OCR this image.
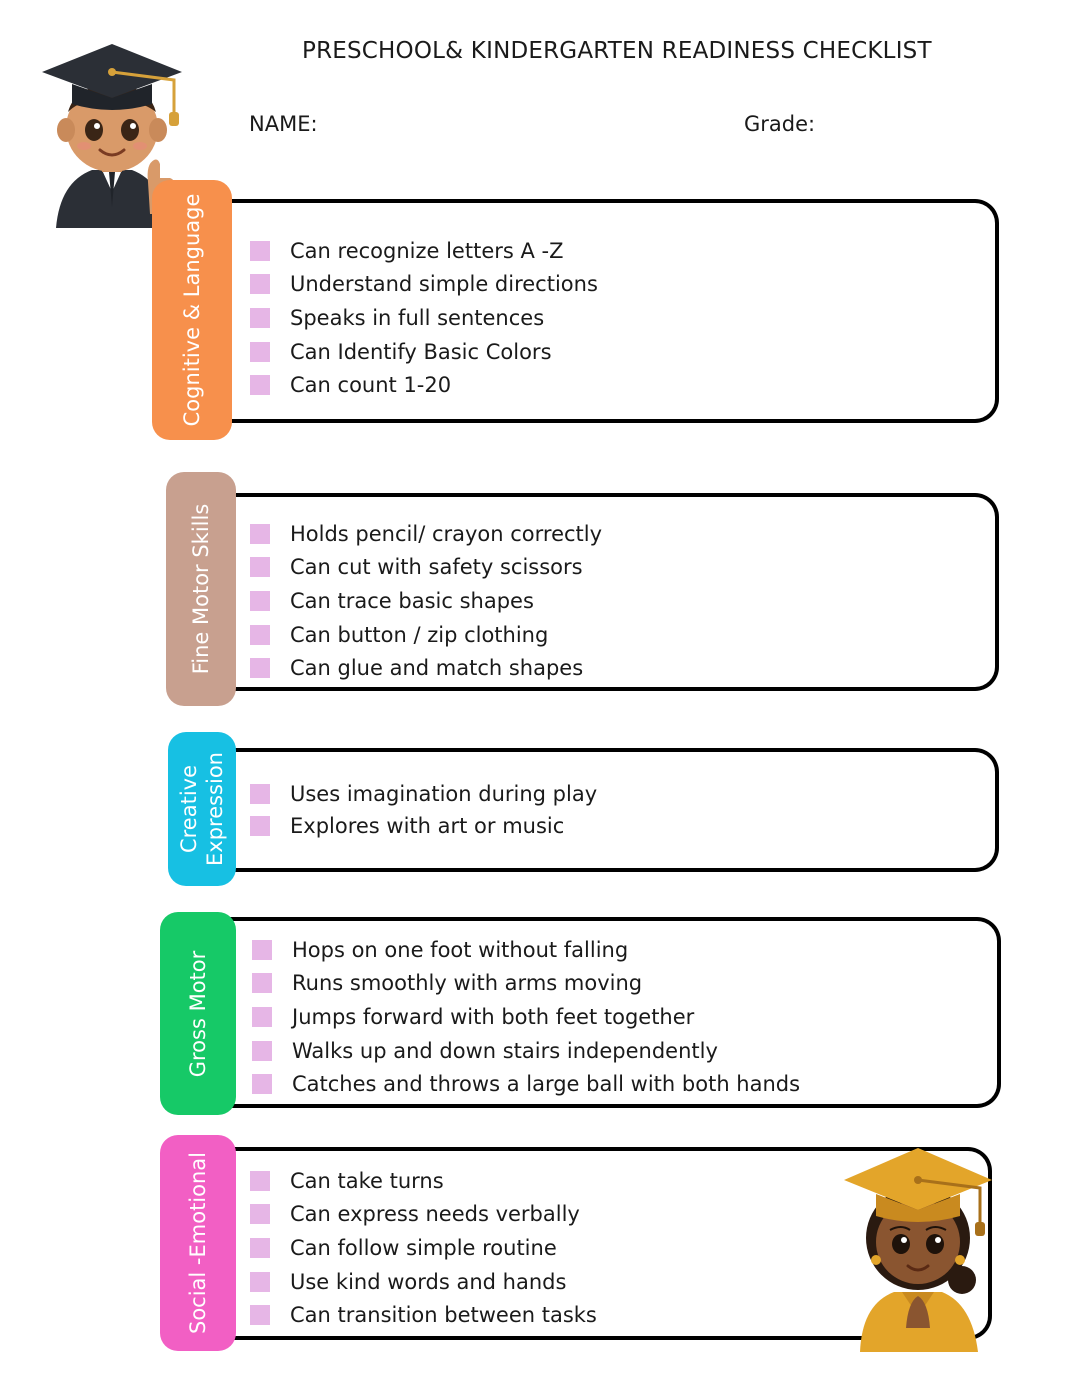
PRESCHOOL& KINDERGARTEN READINESS CHECKLIST
NAME:	Grade:
Can recognize letters A -Z
Understand simple directions
Speaks in full sentences
Can Identify Basic Colors
Can count 1-20
Cognitive & Language
Holds pencil/ crayon correctly
Can cut with safety scissors
Can trace basic shapes
Can button / zip clothing
Can glue and match shapes
Fine Motor Skills
Uses imagination during play
Explores with art or music
Creative Expression
Hops on one foot without falling
Runs smoothly with arms moving
Jumps forward with both feet together
Walks up and down stairs independently
Catches and throws a large ball with both hands
Gross Motor
Can take turns
Can express needs verbally
Can follow simple routine
Use kind words and hands
Can transition between tasks
Social -Emotional
